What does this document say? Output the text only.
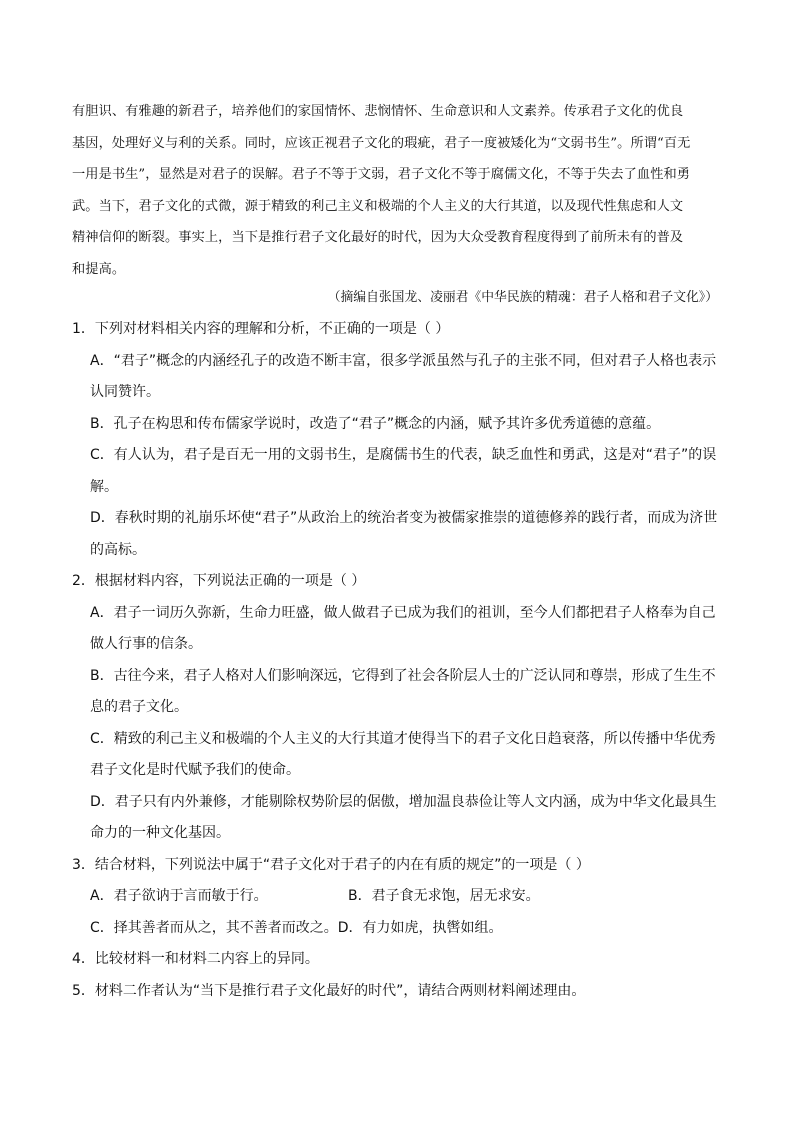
有胆识、有雅趣的新君子，培养他们的家国情怀、悲悯情怀、生命意识和人文素养。传承君子文化的优良
基因，处理好义与利的关系。同时，应该正视君子文化的瑕疵，君子一度被矮化为“文弱书生”。所谓“百无
一用是书生”，显然是对君子的误解。君子不等于文弱，君子文化不等于腐儒文化，不等于失去了血性和勇
武。当下，君子文化的式微，源于精致的利己主义和极端的个人主义的大行其道，以及现代性焦虑和人文
精神信仰的断裂。事实上，当下是推行君子文化最好的时代，因为大众受教育程度得到了前所未有的普及
和提高。
（摘编自张国龙、凌丽君《中华民族的精魂：君子人格和君子文化》）
1．下列对材料相关内容的理解和分析，不正确的一项是（ ）
A．“君子”概念的内涵经孔子的改造不断丰富，很多学派虽然与孔子的主张不同，但对君子人格也表示
认同赞许。
B．孔子在构思和传布儒家学说时，改造了“君子”概念的内涵，赋予其许多优秀道德的意蕴。
C．有人认为，君子是百无一用的文弱书生，是腐儒书生的代表，缺乏血性和勇武，这是对“君子”的误
解。
D．春秋时期的礼崩乐坏使“君子”从政治上的统治者变为被儒家推崇的道德修养的践行者，而成为济世
的高标。
2．根据材料内容，下列说法正确的一项是（ ）
A．君子一词历久弥新，生命力旺盛，做人做君子已成为我们的祖训，至今人们都把君子人格奉为自己
做人行事的信条。
B．古往今来，君子人格对人们影响深远，它得到了社会各阶层人士的广泛认同和尊崇，形成了生生不
息的君子文化。
C．精致的利己主义和极端的个人主义的大行其道才使得当下的君子文化日趋衰落，所以传播中华优秀
君子文化是时代赋予我们的使命。
D．君子只有内外兼修，才能剔除权势阶层的倨傲，增加温良恭俭让等人文内涵，成为中华文化最具生
命力的一种文化基因。
3．结合材料，下列说法中属于“君子文化对于君子的内在有质的规定”的一项是（ ）
A．君子欲讷于言而敏于行。	B．君子食无求饱，居无求安。
C．择其善者而从之，其不善者而改之。 D．有力如虎，执辔如组。
4．比较材料一和材料二内容上的异同。
5．材料二作者认为“当下是推行君子文化最好的时代”，请结合两则材料阐述理由。
